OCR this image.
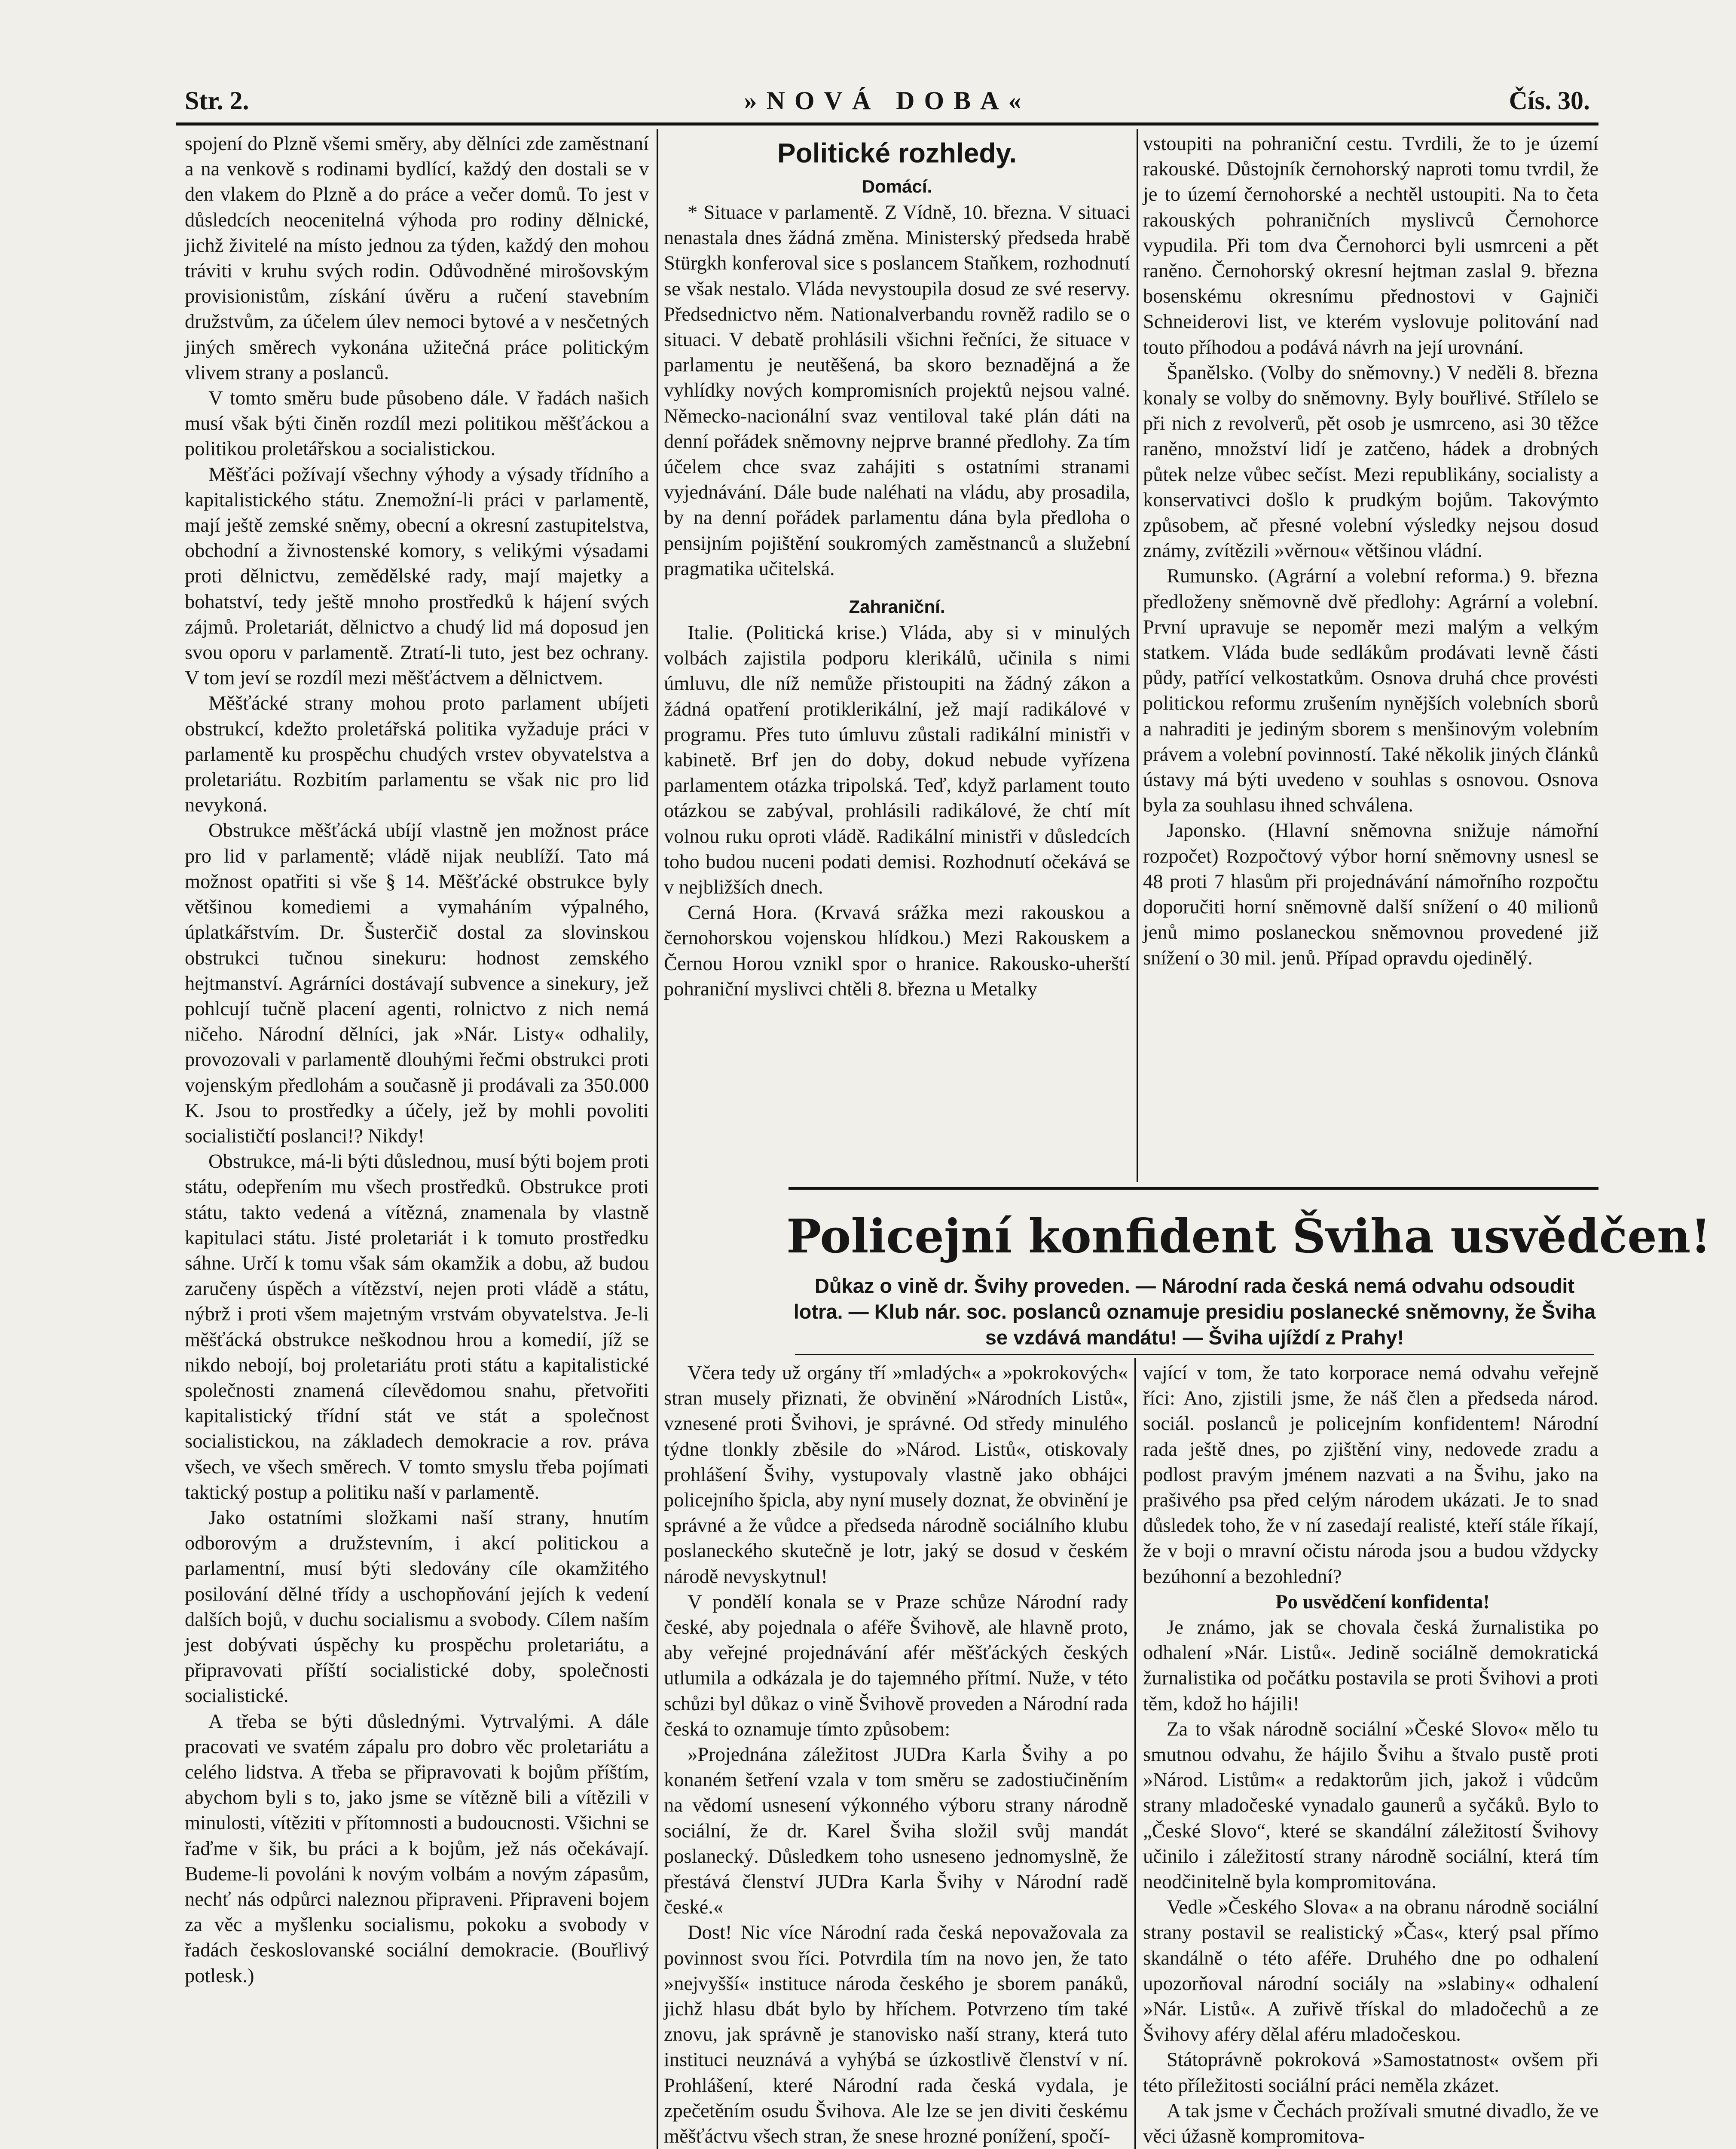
»NOVÁ DOBA«
Str. 2.	Čís. 30.

spojení do Plzně všemi směry, aby dělníci zde zaměstnaní a na venkově s rodinami bydlící, každý den dostali se v den vlakem do Plzně a do práce a večer domů. To jest v důsledcích neocenitelná výhoda pro rodiny dělnické, jichž živitelé na místo jednou za týden, každý den mohou tráviti v kruhu svých rodin. Odůvodněné mirošovským provisionistům, získání úvěru a ručení stavebním družstvům, za účelem úlev nemoci bytové a v nesčetných jiných směrech vykonána užitečná práce politickým vlivem strany a poslanců.

V tomto směru bude působeno dále. V řadách našich musí však býti činěn rozdíl mezi politikou měšťáckou a politikou proletářskou a socialistickou.

Měšťáci požívají všechny výhody a výsady třídního a kapitalistického státu. Znemožní-li práci v parlamentě, mají ještě zemské sněmy, obecní a okresní zastupitelstva, obchodní a živnostenské komory, s velikými výsadami proti dělnictvu, zemědělské rady, mají majetky a bohatství, tedy ještě mnoho prostředků k hájení svých zájmů. Proletariát, dělnictvo a chudý lid má doposud jen svou oporu v parlamentě. Ztratí-li tuto, jest bez ochrany. V tom jeví se rozdíl mezi měšťáctvem a dělnictvem.

Měšťácké strany mohou proto parlament ubíjeti obstrukcí, kdežto proletářská politika vyžaduje práci v parlamentě ku prospěchu chudých vrstev obyvatelstva a proletariátu. Rozbitím parlamentu se však nic pro lid nevykoná.

Obstrukce měšťácká ubíjí vlastně jen možnost práce pro lid v parlamentě; vládě nijak neublíží. Tato má možnost opatřiti si vše § 14. Měšťácké obstrukce byly většinou komediemi a vymaháním výpalného, úplatkářstvím. Dr. Šusterčič dostal za slovinskou obstrukci tučnou sinekuru: hodnost zemského hejtmanství. Agrárníci dostávají subvence a sinekury, jež pohlcují tučně placení agenti, rolnictvo z nich nemá ničeho. Národní dělníci, jak »Nár. Listy« odhalily, provozovali v parlamentě dlouhými řečmi obstrukci proti vojenským předlohám a současně ji prodávali za 350.000 K. Jsou to prostředky a účely, jež by mohli povoliti socialističtí poslanci!? Nikdy!

Obstrukce, má-li býti důslednou, musí býti bojem proti státu, odepřením mu všech prostředků. Obstrukce proti státu, takto vedená a vítězná, znamenala by vlastně kapitulaci státu. Jisté proletariát i k tomuto prostředku sáhne. Určí k tomu však sám okamžik a dobu, až budou zaručeny úspěch a vítězství, nejen proti vládě a státu, nýbrž i proti všem majetným vrstvám obyvatelstva. Je-li měšťácká obstrukce neškodnou hrou a komedií, jíž se nikdo nebojí, boj proletariátu proti státu a kapitalistické společnosti znamená cílevědomou snahu, přetvořiti kapitalistický třídní stát ve stát a společnost socialistickou, na základech demokracie a rov. práva všech, ve všech směrech. V tomto smyslu třeba pojímati taktický postup a politiku naší v parlamentě.

Jako ostatními složkami naší strany, hnutím odborovým a družstevním, i akcí politickou a parlamentní, musí býti sledovány cíle okamžitého posilování dělné třídy a uschopňování jejích k vedení dalších bojů, v duchu socialismu a svobody. Cílem naším jest dobývati úspěchy ku prospěchu proletariátu, a připravovati příští socialistické doby, společnosti socialistické.

A třeba se býti důslednými. Vytrvalými. A dále pracovati ve svatém zápalu pro dobro věc proletariátu a celého lidstva. A třeba se připravovati k bojům příštím, abychom byli s to, jako jsme se vítězně bili a vítězili v minulosti, vítěziti v přítomnosti a budoucnosti. Všichni se řaďme v šik, bu práci a k bojům, jež nás očekávají. Budeme-li povoláni k novým volbám a novým zápasům, nechť nás odpůrci naleznou připraveni. Připraveni bojem za věc a myšlenku socialismu, pokoku a svobody v řadách českoslovanské sociální demokracie. (Bouřlivý potlesk.)

Politické rozhledy.
Domácí.

* Situace v parlamentě. Z Vídně, 10. března. V situaci nenastala dnes žádná změna. Ministerský předseda hrabě Stürgkh konferoval sice s poslancem Staňkem, rozhodnutí se však nestalo. Vláda nevystoupila dosud ze své reservy. Předsednictvo něm. Nationalverbandu rovněž radilo se o situaci. V debatě prohlásili všichni řečníci, že situace v parlamentu je neutěšená, ba skoro beznadějná a že vyhlídky nových kompromisních projektů nejsou valné. Německo-nacionální svaz ventiloval také plán dáti na denní pořádek sněmovny nejprve branné předlohy. Za tím účelem chce svaz zahájiti s ostatními stranami vyjednávání. Dále bude naléhati na vládu, aby prosadila, by na denní pořádek parlamentu dána byla předloha o pensijním pojištění soukromých zaměstnanců a služební pragmatika učitelská.

Zahraniční.

Italie. (Politická krise.) Vláda, aby si v minulých volbách zajistila podporu klerikálů, učinila s nimi úmluvu, dle níž nemůže přistoupiti na žádný zákon a žádná opatření protiklerikální, jež mají radikálové v programu. Přes tuto úmluvu zůstali radikální ministři v kabinetě. Brf jen do doby, dokud nebude vyřízena parlamentem otázka tripolská. Teď, když parlament touto otázkou se zabýval, prohlásili radikálové, že chtí mít volnou ruku oproti vládě. Radikální ministři v důsledcích toho budou nuceni podati demisi. Rozhodnutí očekává se v nejbližších dnech.

Cerná Hora. (Krvavá srážka mezi rakouskou a černohorskou vojenskou hlídkou.) Mezi Rakouskem a Černou Horou vznikl spor o hranice. Rakousko-uherští pohraniční myslivci chtěli 8. března u Metalky

vstoupiti na pohraniční cestu. Tvrdili, že to je území rakouské. Důstojník černohorský naproti tomu tvrdil, že je to území černohorské a nechtěl ustoupiti. Na to četa rakouských pohraničních myslivců Černohorce vypudila. Při tom dva Černohorci byli usmrceni a pět raněno. Černohorský okresní hejtman zaslal 9. března bosenskému okresnímu přednostovi v Gajniči Schneiderovi list, ve kterém vyslovuje politování nad touto příhodou a podává návrh na její urovnání.

Španělsko. (Volby do sněmovny.) V neděli 8. března konaly se volby do sněmovny. Byly bouřlivé. Střílelo se při nich z revolverů, pět osob je usmrceno, asi 30 těžce raněno, množství lidí je zatčeno, hádek a drobných půtek nelze vůbec sečíst. Mezi republikány, socialisty a konservativci došlo k prudkým bojům. Takovýmto způsobem, ač přesné volební výsledky nejsou dosud známy, zvítězili »věrnou« většinou vládní.

Rumunsko. (Agrární a volební reforma.) 9. března předloženy sněmovně dvě předlohy: Agrární a volební. První upravuje se nepoměr mezi malým a velkým statkem. Vláda bude sedlákům prodávati levně části půdy, patřící velkostatkům. Osnova druhá chce provésti politickou reformu zrušením nynějších volebních sborů a nahraditi je jediným sborem s menšinovým volebním právem a volební povinností. Také několik jiných článků ústavy má býti uvedeno v souhlas s osnovou. Osnova byla za souhlasu ihned schválena.

Japonsko. (Hlavní sněmovna snižuje námořní rozpočet) Rozpočtový výbor horní sněmovny usnesl se 48 proti 7 hlasům při projednávání námořního rozpočtu doporučiti horní sněmovně další snížení o 40 milionů jenů mimo poslaneckou sněmovnou provedené již snížení o 30 mil. jenů. Případ opravdu ojedinělý.

Policejní konfident Šviha usvědčen!
Důkaz o vině dr. Švihy proveden. — Národní rada česká nemá odvahu odsoudit lotra. — Klub nár. soc. poslanců oznamuje presidiu poslanecké sněmovny, že Šviha se vzdává mandátu! — Šviha ujíždí z Prahy!

Včera tedy už orgány tří »mladých« a »pokrokových« stran musely přiznati, že obvinění »Národních Listů«, vznesené proti Švihovi, je správné. Od středy minulého týdne tlonkly zběsile do »Národ. Listů«, otiskovaly prohlášení Švihy, vystupovaly vlastně jako obhájci policejního špicla, aby nyní musely doznat, že obvinění je správné a že vůdce a předseda národně sociálního klubu poslaneckého skutečně je lotr, jaký se dosud v českém národě nevyskytnul!

V pondělí konala se v Praze schůze Národní rady české, aby pojednala o aféře Švihově, ale hlavně proto, aby veřejné projednávání afér měšťáckých českých utlumila a odkázala je do tajemného přítmí. Nuže, v této schůzi byl důkaz o vině Švihově proveden a Národní rada česká to oznamuje tímto způsobem:

»Projednána záležitost JUDra Karla Švihy a po konaném šetření vzala v tom směru se zadostiučiněním na vědomí usnesení výkonného výboru strany národně sociální, že dr. Karel Šviha složil svůj mandát poslanecký. Důsledkem toho usneseno jednomyslně, že přestává členství JUDra Karla Švihy v Národní radě české.«

Dost! Nic více Národní rada česká nepovažovala za povinnost svou říci. Potvrdila tím na novo jen, že tato »nejvyšší« instituce národa českého je sborem panáků, jichž hlasu dbát bylo by hříchem. Potvrzeno tím také znovu, jak správně je stanovisko naší strany, která tuto instituci neuznává a vyhýbá se úzkostlivě členství v ní. Prohlášení, které Národní rada česká vydala, je zpečetěním osudu Švihova. Ale lze se jen diviti českému měšťáctvu všech stran, že snese hrozné ponížení, spočí-

vající v tom, že tato korporace nemá odvahu veřejně říci: Ano, zjistili jsme, že náš člen a předseda národ. sociál. poslanců je policejním konfidentem! Národní rada ještě dnes, po zjištění viny, nedovede zradu a podlost pravým jménem nazvati a na Švihu, jako na prašivého psa před celým národem ukázati. Je to snad důsledek toho, že v ní zasedají realisté, kteří stále říkají, že v boji o mravní očistu národa jsou a budou vždycky bezúhonní a bezohlední?

Po usvědčení konfidenta!

Je známo, jak se chovala česká žurnalistika po odhalení »Nár. Listů«. Jedině sociálně demokratická žurnalistika od počátku postavila se proti Švihovi a proti těm, kdož ho hájili!

Za to však národně sociální »České Slovo« mělo tu smutnou odvahu, že hájilo Švihu a štvalo pustě proti »Národ. Listům« a redaktorům jich, jakož i vůdcům strany mladočeské vynadalo gaunerů a syčáků. Bylo to „České Slovo“, které se skandální záležitostí Švihovy učinilo i záležitostí strany národně sociální, která tím neodčinitelně byla kompromitována.

Vedle »Českého Slova« a na obranu národně sociální strany postavil se realistický »Čas«, který psal přímo skandálně o této aféře. Druhého dne po odhalení upozorňoval národní sociály na »slabiny« odhalení »Nár. Listů«. A zuřivě třískal do mladočechů a ze Švihovy aféry dělal aféru mladočeskou.

Státoprávně pokroková »Samostatnost« ovšem při této příležitosti sociální práci neměla zkázet.

A tak jsme v Čechách prožívali smutné divadlo, že ve věci úžasně kompromitova-
